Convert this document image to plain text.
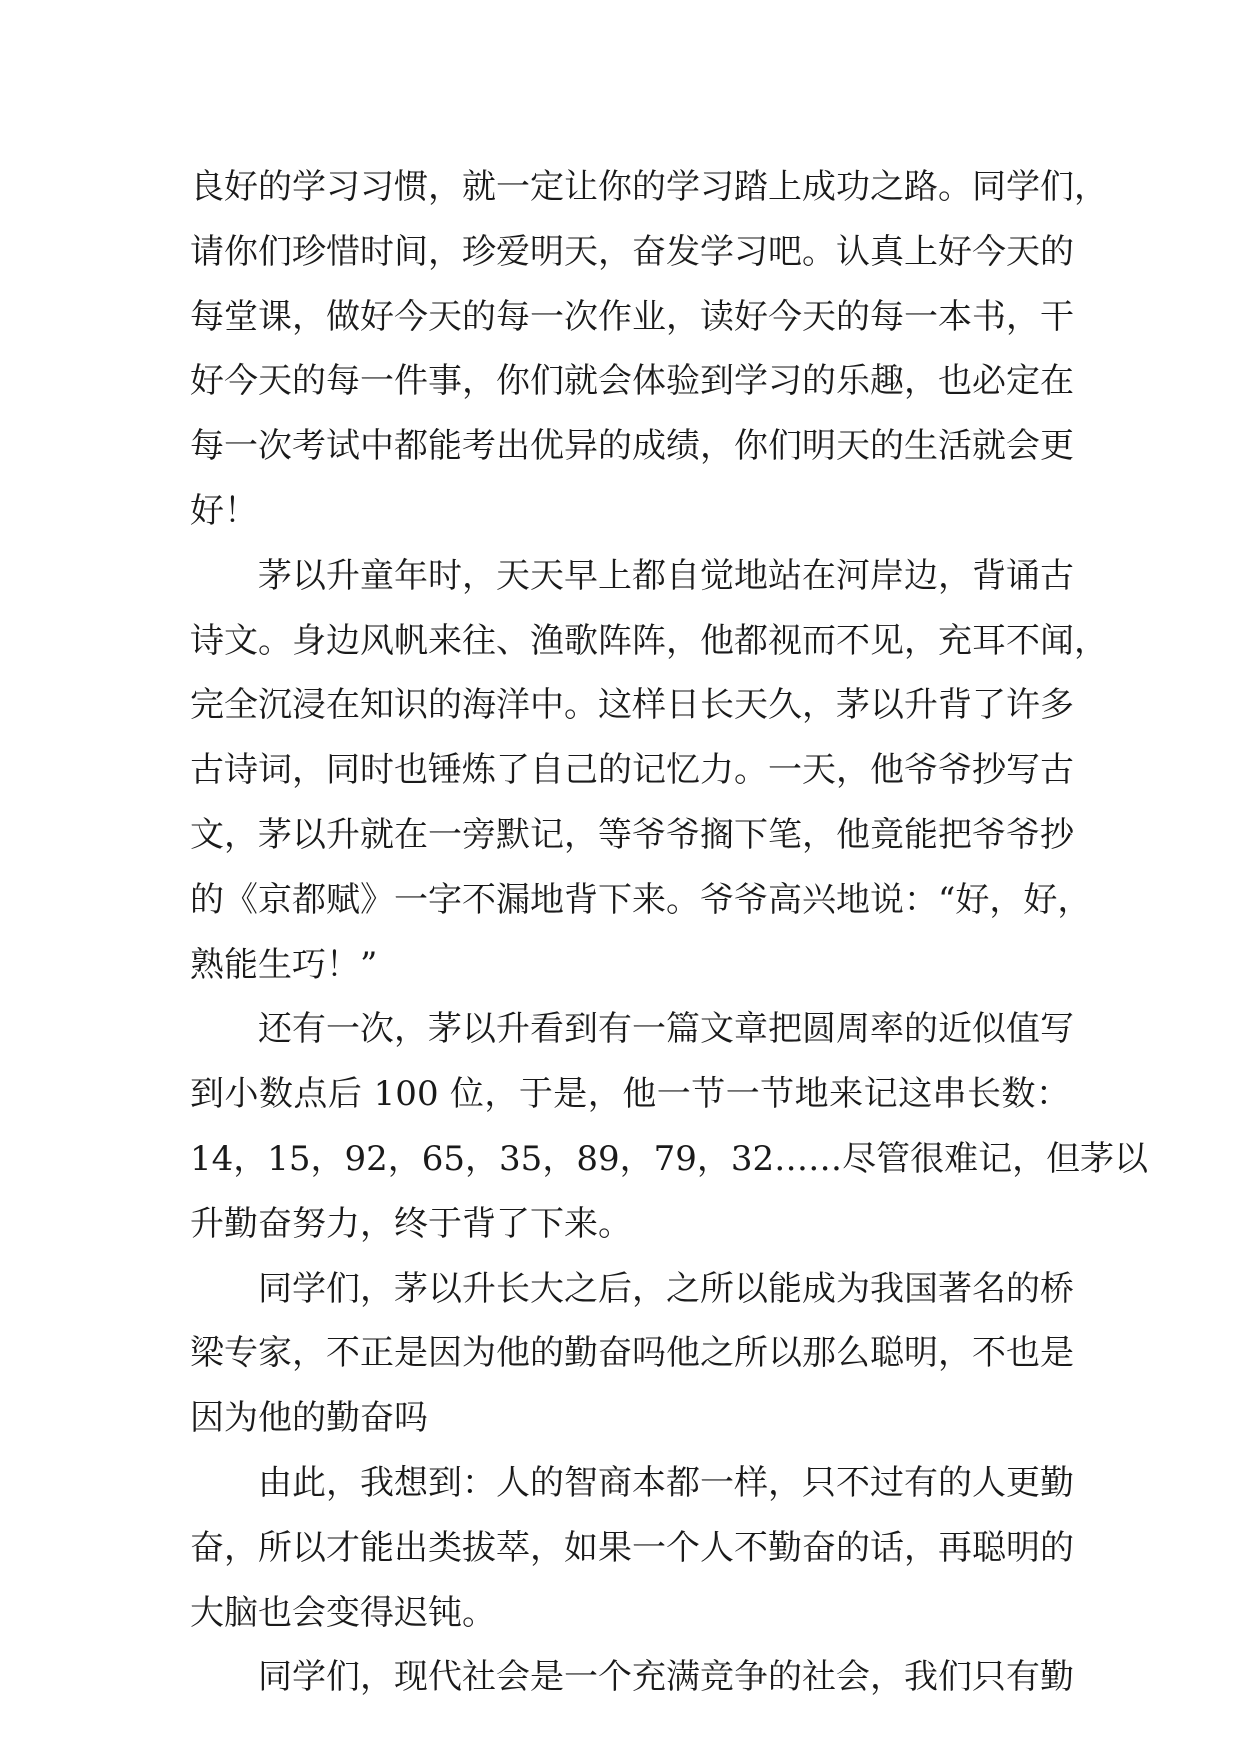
良好的学习习惯，就一定让你的学习踏上成功之路。同学们，
请你们珍惜时间，珍爱明天，奋发学习吧。认真上好今天的
每堂课，做好今天的每一次作业，读好今天的每一本书，干
好今天的每一件事，你们就会体验到学习的乐趣，也必定在
每一次考试中都能考出优异的成绩，你们明天的生活就会更
好！
茅以升童年时，天天早上都自觉地站在河岸边，背诵古
诗文。身边风帆来往、渔歌阵阵，他都视而不见，充耳不闻，
完全沉浸在知识的海洋中。这样日长天久，茅以升背了许多
古诗词，同时也锤炼了自己的记忆力。一天，他爷爷抄写古
文，茅以升就在一旁默记，等爷爷搁下笔，他竟能把爷爷抄
的《京都赋》一字不漏地背下来。爷爷高兴地说：“好，好，
熟能生巧！”
还有一次，茅以升看到有一篇文章把圆周率的近似值写
到小数点后 100 位，于是，他一节一节地来记这串长数：
14，15，92，65，35，89，79，32……尽管很难记，但茅以
升勤奋努力，终于背了下来。
同学们，茅以升长大之后，之所以能成为我国著名的桥
梁专家，不正是因为他的勤奋吗他之所以那么聪明，不也是
因为他的勤奋吗
由此，我想到：人的智商本都一样，只不过有的人更勤
奋，所以才能出类拔萃，如果一个人不勤奋的话，再聪明的
大脑也会变得迟钝。
同学们，现代社会是一个充满竞争的社会，我们只有勤
